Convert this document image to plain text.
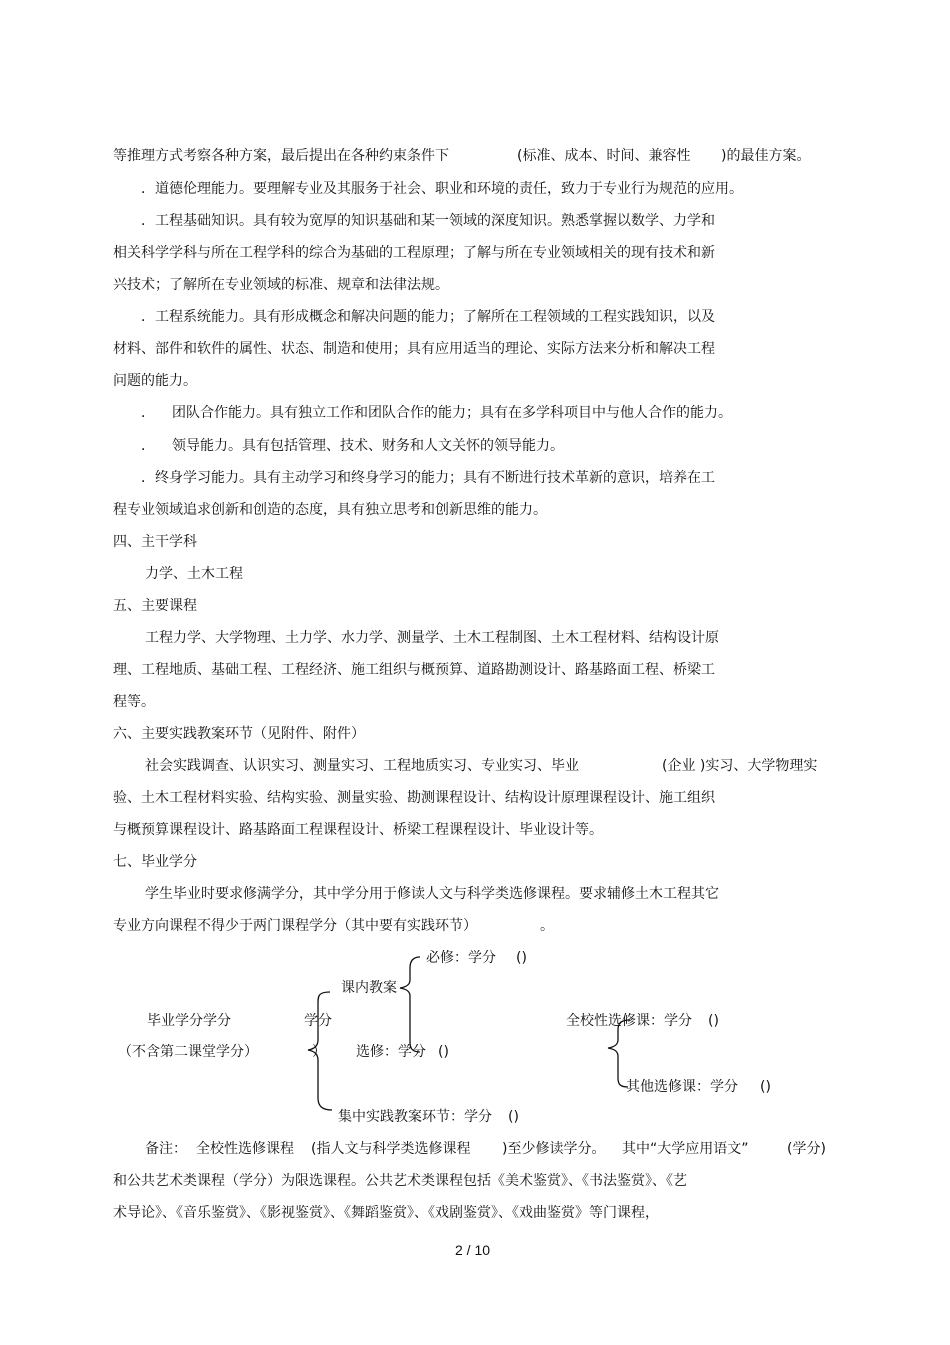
等推理方式考察各种方案，最后提出在各种约束条件下	(标准、成本、时间、兼容性 )的最佳方案。
．道德伦理能力。要理解专业及其服务于社会、职业和环境的责任，致力于专业行为规范的应用。
．工程基础知识。具有较为宽厚的知识基础和某一领域的深度知识。熟悉掌握以数学、力学和
相关科学学科与所在工程学科的综合为基础的工程原理；了解与所在专业领域相关的现有技术和新
兴技术；了解所在专业领域的标准、规章和法律法规。
．工程系统能力。具有形成概念和解决问题的能力；了解所在工程领域的工程实践知识，以及
材料、部件和软件的属性、状态、制造和使用；具有应用适当的理论、实际方法来分析和解决工程
问题的能力。
． 团队合作能力。具有独立工作和团队合作的能力；具有在多学科项目中与他人合作的能力。
． 领导能力。具有包括管理、技术、财务和人文关怀的领导能力。
．终身学习能力。具有主动学习和终身学习的能力；具有不断进行技术革新的意识，培养在工
程专业领域追求创新和创造的态度，具有独立思考和创新思维的能力。
四、主干学科
力学、土木工程
五、主要课程
工程力学、大学物理、土力学、水力学、测量学、土木工程制图、土木工程材料、结构设计原
理、工程地质、基础工程、工程经济、施工组织与概预算、道路勘测设计、路基路面工程、桥梁工
程等。
六、主要实践教案环节（见附件、附件）
社会实践调查、认识实习、测量实习、工程地质实习、专业实习、毕业	(企业 )实习、大学物理实
验、土木工程材料实验、结构实验、测量实验、勘测课程设计、结构设计原理课程设计、施工组织
与概预算课程设计、路基路面工程课程设计、桥梁工程课程设计、毕业设计等。
七、毕业学分
学生毕业时要求修满学分，其中学分用于修读人文与科学类选修课程。要求辅修土木工程其它
专业方向课程不得少于两门课程学分（其中要有实践环节）	。
必修：学分 ()
课内教案
毕业学分学分	学分	全校性选修课：学分 ()
（不含第二课堂学分）	） 选修：学分 ()
其他选修课：学分 ()
集中实践教案环节：学分 ()
备注： 全校性选修课程 (指人文与科学类选修课程 )至少修读学分。 其中“大学应用语文”	(学分)
和公共艺术类课程（学分）为限选课程。公共艺术类课程包括《美术鉴赏》、《书法鉴赏》、《艺
术导论》、《音乐鉴赏》、《影视鉴赏》、《舞蹈鉴赏》、《戏剧鉴赏》、《戏曲鉴赏》等门课程，
2 / 10
